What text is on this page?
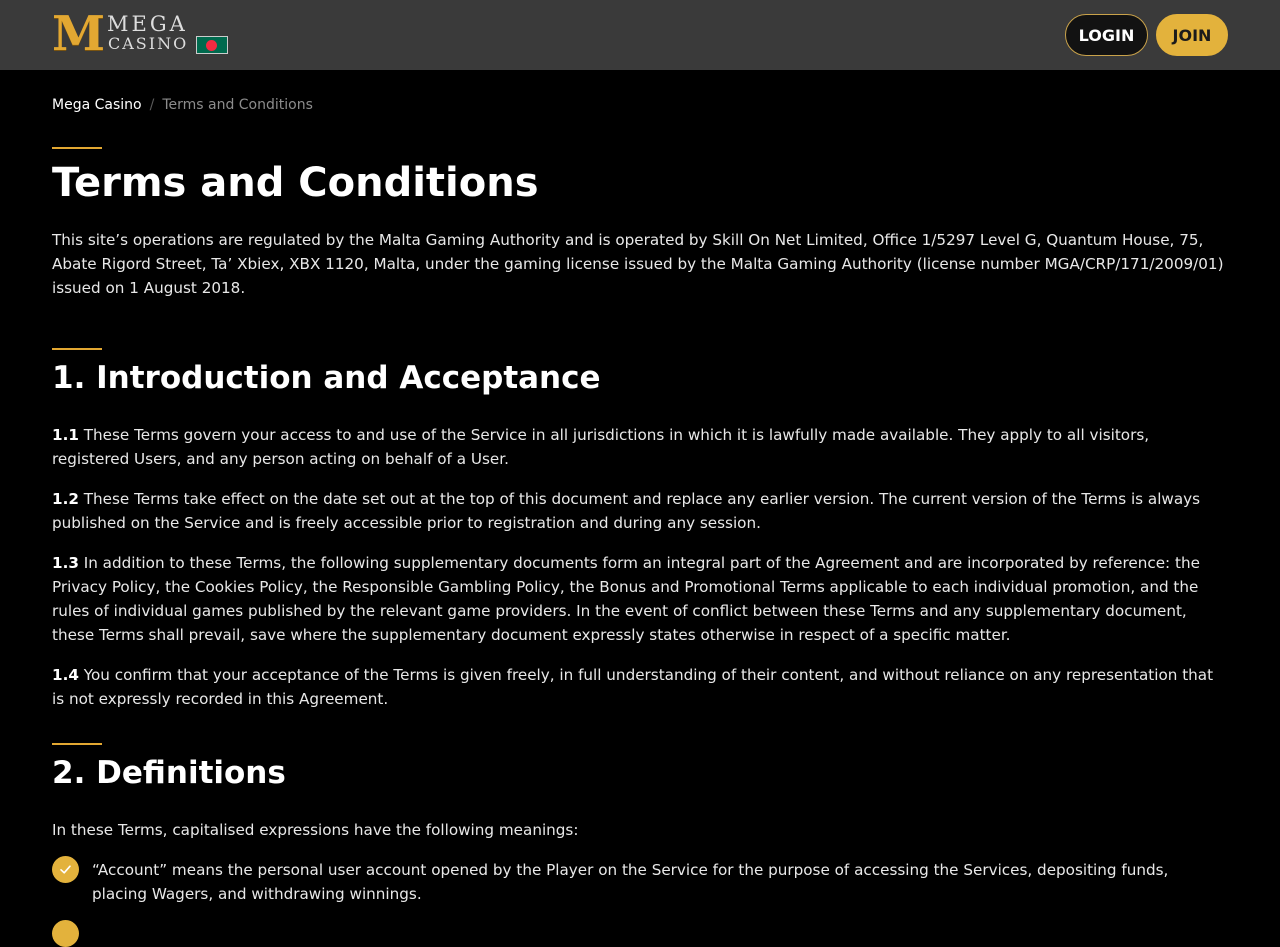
M MEGA
CASINO	LOGIN	JOIN
Mega Casino / Terms and Conditions
Terms and Conditions

This site’s operations are regulated by the Malta Gaming Authority and is operated by Skill On Net Limited, Office 1/5297 Level G, Quantum House, 75, Abate Rigord Street, Ta’ Xbiex, XBX 1120, Malta, under the gaming license issued by the Malta Gaming Authority (license number MGA/CRP/171/2009/01) issued on 1 August 2018.

1. Introduction and Acceptance

1.1 These Terms govern your access to and use of the Service in all jurisdictions in which it is lawfully made available. They apply to all visitors, registered Users, and any person acting on behalf of a User.

1.2 These Terms take effect on the date set out at the top of this document and replace any earlier version. The current version of the Terms is always published on the Service and is freely accessible prior to registration and during any session.

1.3 In addition to these Terms, the following supplementary documents form an integral part of the Agreement and are incorporated by reference: the Privacy Policy, the Cookies Policy, the Responsible Gambling Policy, the Bonus and Promotional Terms applicable to each individual promotion, and the rules of individual games published by the relevant game providers. In the event of conflict between these Terms and any supplementary document, these Terms shall prevail, save where the supplementary document expressly states otherwise in respect of a specific matter.

1.4 You confirm that your acceptance of the Terms is given freely, in full understanding of their content, and without reliance on any representation that is not expressly recorded in this Agreement.

2. Definitions

In these Terms, capitalised expressions have the following meanings:

“Account” means the personal user account opened by the Player on the Service for the purpose of accessing the Services, depositing funds, placing Wagers, and withdrawing winnings.
